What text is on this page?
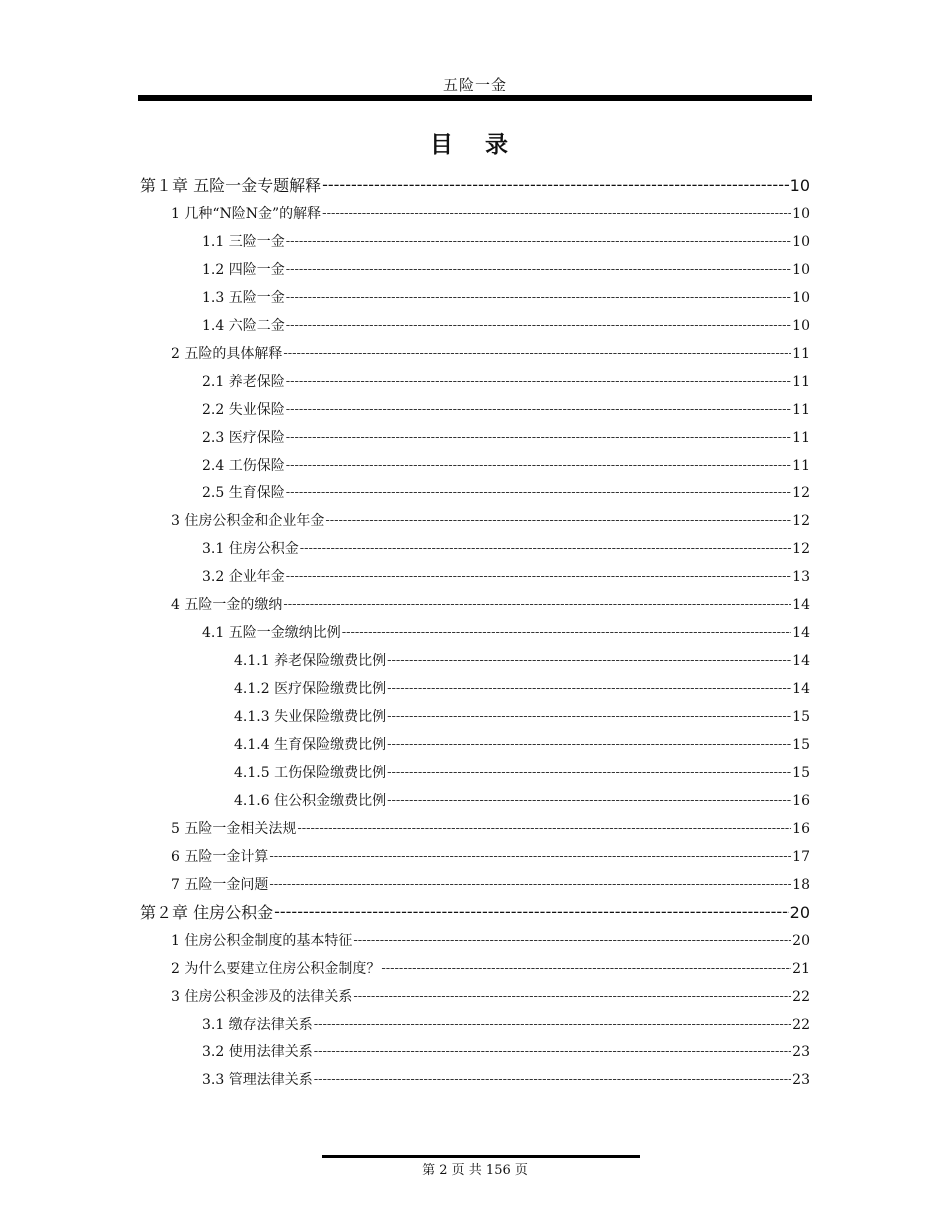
五险一金
目 录
第１章 五险一金专题解释 -----	10
1 几种“N险N金”的解释 -----	10
1.1 三险一金 -----	10
1.2 四险一金 -----	10
1.3 五险一金 -----	10
1.4 六险二金 -----	10
2 五险的具体解释 -----	11
2.1 养老保险 -----	11
2.2 失业保险 -----	11
2.3 医疗保险 -----	11
2.4 工伤保险 -----	11
2.5 生育保险 -----	12
3 住房公积金和企业年金 -----	12
3.1 住房公积金 -----	12
3.2 企业年金 -----	13
4 五险一金的缴纳 -----	14
4.1 五险一金缴纳比例 -----	14
4.1.1 养老保险缴费比例 -----	14
4.1.2 医疗保险缴费比例 -----	14
4.1.3 失业保险缴费比例 -----	15
4.1.4 生育保险缴费比例 -----	15
4.1.5 工伤保险缴费比例 -----	15
4.1.6 住公积金缴费比例 -----	16
5 五险一金相关法规 -----	16
6 五险一金计算 -----	17
7 五险一金问题 -----	18
第２章 住房公积金 -----	20
1 住房公积金制度的基本特征 -----	20
2 为什么要建立住房公积金制度？ -----	21
3 住房公积金涉及的法律关系 -----	22
3.1 缴存法律关系 -----	22
3.2 使用法律关系 -----	23
3.3 管理法律关系 -----	23
第 2 页 共 156 页
